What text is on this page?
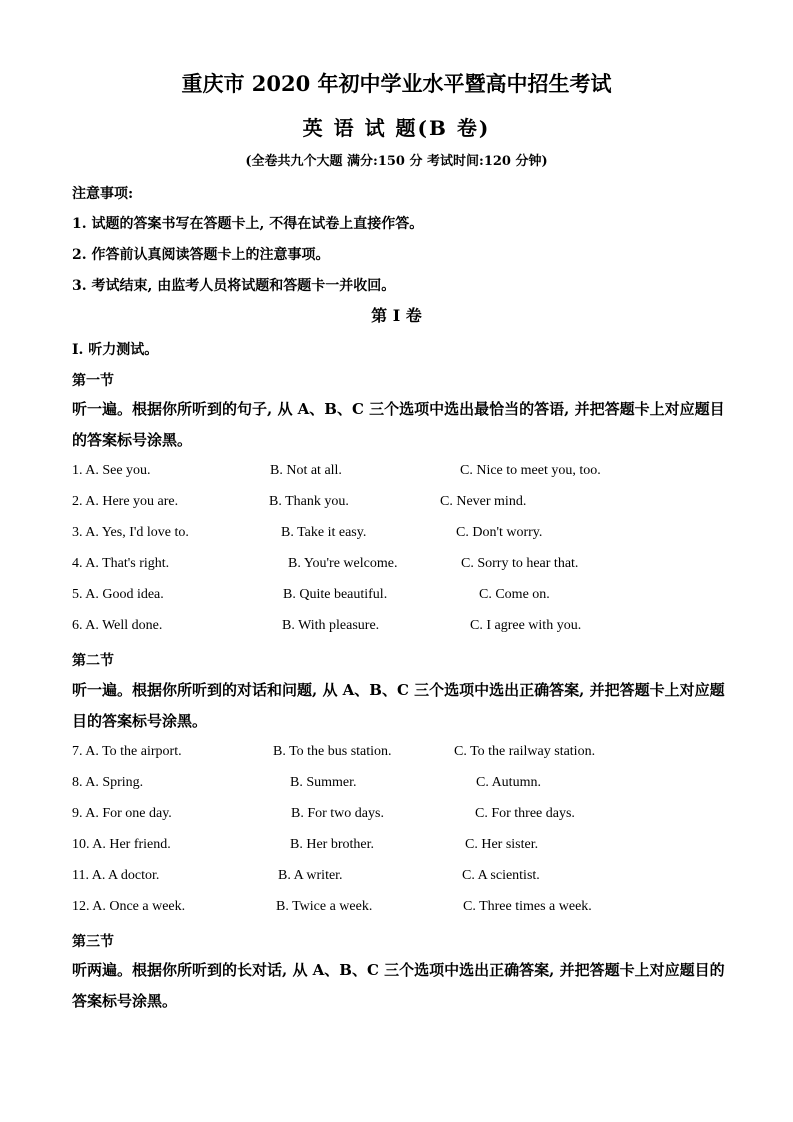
重庆市 2020 年初中学业水平暨高中招生考试
英 语 试 题(B 卷)
(全卷共九个大题 满分:150 分 考试时间:120 分钟)
注意事项:
1. 试题的答案书写在答题卡上, 不得在试卷上直接作答。
2. 作答前认真阅读答题卡上的注意事项。
3. 考试结束, 由监考人员将试题和答题卡一并收回。
第 I 卷
I. 听力测试。
第一节
听一遍。根据你所听到的句子, 从 A、B、C 三个选项中选出最恰当的答语, 并把答题卡上对应题目的答案标号涂黑。
1. A. See you.	B. Not at all.	C. Nice to meet you, too.
2. A. Here you are.	B. Thank you.	C. Never mind.
3. A. Yes, I'd love to.	B. Take it easy.	C. Don't worry.
4. A. That's right.	B. You're welcome.	C. Sorry to hear that.
5. A. Good idea.	B. Quite beautiful.	C. Come on.
6. A. Well done.	B. With pleasure.	C. I agree with you.
第二节
听一遍。根据你所听到的对话和问题, 从 A、B、C 三个选项中选出正确答案, 并把答题卡上对应题目的答案标号涂黑。
7. A. To the airport.	B. To the bus station.	C. To the railway station.
8. A. Spring.	B. Summer.	C. Autumn.
9. A. For one day.	B. For two days.	C. For three days.
10. A. Her friend.	B. Her brother.	C. Her sister.
11. A. A doctor.	B. A writer.	C. A scientist.
12. A. Once a week.	B. Twice a week.	C. Three times a week.
第三节
听两遍。根据你所听到的长对话, 从 A、B、C 三个选项中选出正确答案, 并把答题卡上对应题目的答案标号涂黑。
